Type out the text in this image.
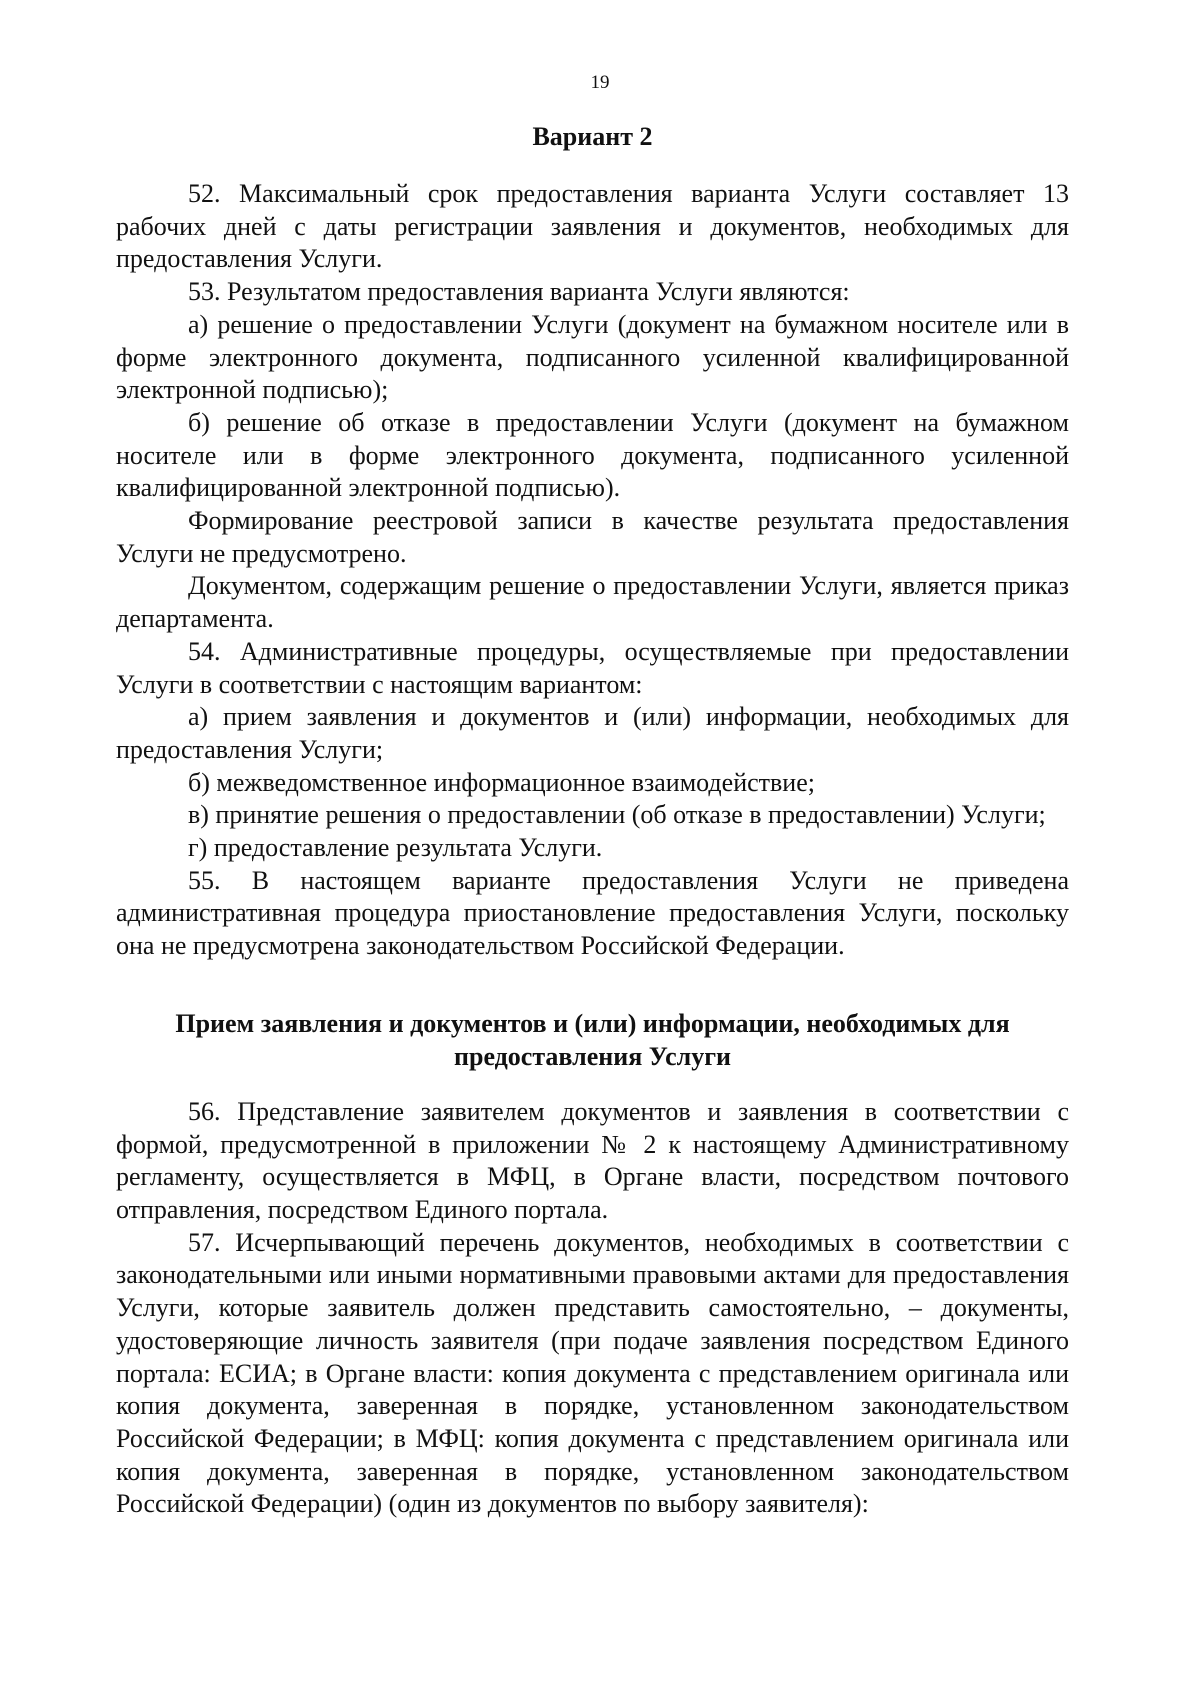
19

Вариант 2

52. Максимальный срок предоставления варианта Услуги составляет 13 рабочих дней с даты регистрации заявления и документов, необходимых для предоставления Услуги.

53. Результатом предоставления варианта Услуги являются:

а) решение о предоставлении Услуги (документ на бумажном носителе или в форме электронного документа, подписанного усиленной квалифицированной электронной подписью);

б) решение об отказе в предоставлении Услуги (документ на бумажном носителе или в форме электронного документа, подписанного усиленной квалифицированной электронной подписью).

Формирование реестровой записи в качестве результата предоставления Услуги не предусмотрено.

Документом, содержащим решение о предоставлении Услуги, является приказ департамента.

54. Административные процедуры, осуществляемые при предоставлении Услуги в соответствии с настоящим вариантом:

а) прием заявления и документов и (или) информации, необходимых для предоставления Услуги;

б) межведомственное информационное взаимодействие;

в) принятие решения о предоставлении (об отказе в предоставлении) Услуги;

г) предоставление результата Услуги.

55. В настоящем варианте предоставления Услуги не приведена административная процедура приостановление предоставления Услуги, поскольку она не предусмотрена законодательством Российской Федерации.

Прием заявления и документов и (или) информации, необходимых для предоставления Услуги

56. Представление заявителем документов и заявления в соответствии с формой, предусмотренной в приложении № 2 к настоящему Административному регламенту, осуществляется в МФЦ, в Органе власти, посредством почтового отправления, посредством Единого портала.

57. Исчерпывающий перечень документов, необходимых в соответствии с законодательными или иными нормативными правовыми актами для предоставления Услуги, которые заявитель должен представить самостоятельно, – документы, удостоверяющие личность заявителя (при подаче заявления посредством Единого портала: ЕСИА; в Органе власти: копия документа с представлением оригинала или копия документа, заверенная в порядке, установленном законодательством Российской Федерации; в МФЦ: копия документа с представлением оригинала или копия документа, заверенная в порядке, установленном законодательством Российской Федерации) (один из документов по выбору заявителя):
